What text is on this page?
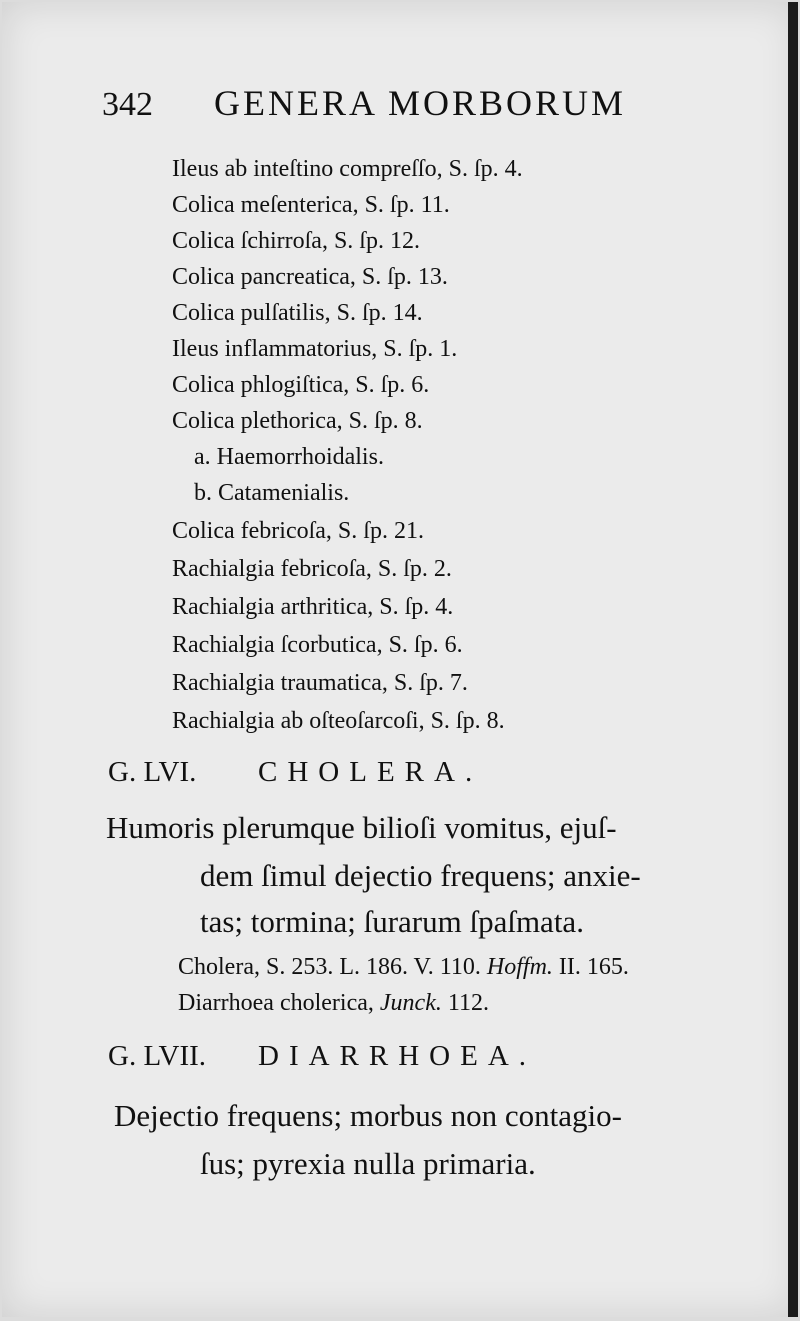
342 GENERA MORBORUM
Ileus ab inteſtino compreſſo, S. ſp. 4.
Colica meſenterica, S. ſp. 11.
Colica ſchirroſa, S. ſp. 12.
Colica pancreatica, S. ſp. 13.
Colica pulſatilis, S. ſp. 14.
Ileus inflammatorius, S. ſp. 1.
Colica phlogiſtica, S. ſp. 6.
Colica plethorica, S. ſp. 8.
a. Haemorrhoidalis.
b. Catamenialis.
Colica febricoſa, S. ſp. 21.
Rachialgia febricoſa, S. ſp. 2.
Rachialgia arthritica, S. ſp. 4.
Rachialgia ſcorbutica, S. ſp. 6.
Rachialgia traumatica, S. ſp. 7.
Rachialgia ab oſteoſarcoſi, S. ſp. 8.
G. LVI. CHOLERA.
Humoris plerumque bilioſi vomitus, ejuſ-
dem ſimul dejectio frequens; anxie-
tas; tormina; ſurarum ſpaſmata.
Cholera, S. 253. L. 186. V. 110. Hoffm. II. 165.
Diarrhoea cholerica, Junck. 112.
G. LVII. DIARRHOEA.
Dejectio frequens; morbus non contagio-
ſus; pyrexia nulla primaria.
